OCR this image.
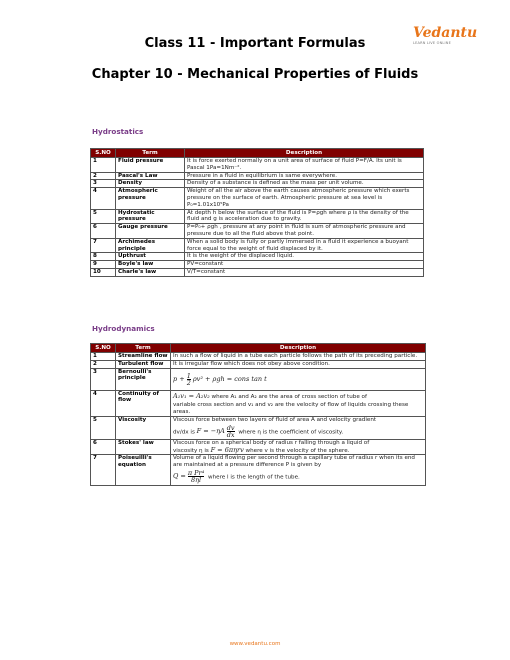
Vedantu
LEARN LIVE ONLINE
Class 11 - Important Formulas
Chapter 10 - Mechanical Properties of Fluids
Hydrostatics
S.NO	Term	Description
1	Fluid pressure	It is force exerted normally on a unit area of surface of fluid P=F/A. Its unit is Pascal 1Pa=1Nm⁻².
2	Pascal's Law	Pressure in a fluid in equilibrium is same everywhere.
3	Density	Density of a substance is defined as the mass per unit volume.
4	Atmospheric pressure	Weight of all the air above the earth causes atmospheric pressure which exerts pressure on the surface of earth. Atmospheric pressure at sea level is P₀=1.01x10⁵Pa
5	Hydrostatic pressure	At depth h below the surface of the fluid is P=ρgh where ρ is the density of the fluid and g is acceleration due to gravity.
6	Gauge pressure	P=P₀+ ρgh , pressure at any point in fluid is sum of atmospheric pressure and pressure due to all the fluid above that point.
7	Archimedes principle	When a solid body is fully or partly immersed in a fluid it experience a buoyant force equal to the weight of fluid displaced by it.
8	Upthrust	It is the weight of the displaced liquid.
9	Boyle's law	PV=constant
10	Charle's law	V/T=constant
Hydrodynamics
S.NO	Term	Description
1	Streamline flow	In such a flow of liquid in a tube each particle follows the path of its preceding particle.
2	Turbulent flow	It is irregular flow which does not obey above condition.
3	Bernoulli's principle	$p + \frac{1}{2} \rho v^2 + \rho gh$ = cons tan t
4	Continuity of flow	A₁v₁ = A₂v₂ where A₁ and A₂ are the area of cross section of tube of
variable cross section and v₁ and v₂ are the velocity of flow of liquids crossing these areas.

5	Viscosity	Viscous force between two layers of fluid of area A and velocity gradient
dv/dx is $F = -\eta A \frac{dv}{dx}$ where η is the coefficient of viscosity.

6	Stokes' law	Viscous force on a spherical body of radius r falling through a liquid of
viscosity η is F = 6πηrv where v is the velocity of the sphere.

7	Poiseuilli's equation	Volume of a liquid flowing per second through a capillary tube of radius r when its end are maintained at a pressure difference P is given by
$Q = \frac{\text{π Pr⁴}}{8\eta l}$ where l is the length of the tube.
www.vedantu.com
